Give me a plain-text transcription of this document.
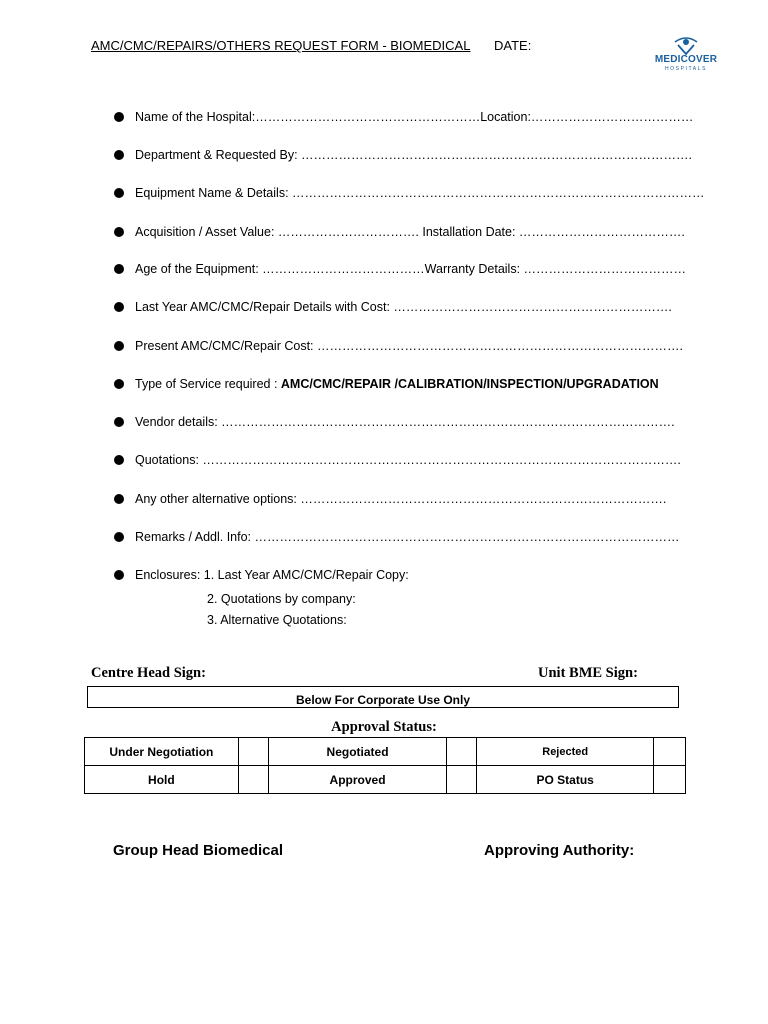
AMC/CMC/REPAIRS/OTHERS REQUEST FORM - BIOMEDICAL DATE:
MEDICOVER
HOSPITALS
Name of the Hospital:………………………………………………Location:…………………………………
Department & Requested By: ………………………………………………………………………………….
Equipment Name & Details: ………………………………………………………………………………………
Acquisition / Asset Value: ……………………………. Installation Date: ………………………………….
Age of the Equipment: …………………………………Warranty Details: …………………………………
Last Year AMC/CMC/Repair Details with Cost: ………………………………………………………….
Present AMC/CMC/Repair Cost: …………………………………………………………………………….
Type of Service required : AMC/CMC/REPAIR /CALIBRATION/INSPECTION/UPGRADATION
Vendor details: ……………………………………………………………………………………………….
Quotations: …………………………………………………………………………………………………….
Any other alternative options: …………………………………………………………………………….
Remarks / Addl. Info: …………………………………………………………………………………………
Enclosures: 1. Last Year AMC/CMC/Repair Copy:
2. Quotations by company:
3. Alternative Quotations:
Centre Head Sign:	Unit BME Sign:
Below For Corporate Use Only
Approval Status:
Under Negotiation		Negotiated		Rejected	
Hold		Approved		PO Status	
Group Head Biomedical	Approving Authority:
